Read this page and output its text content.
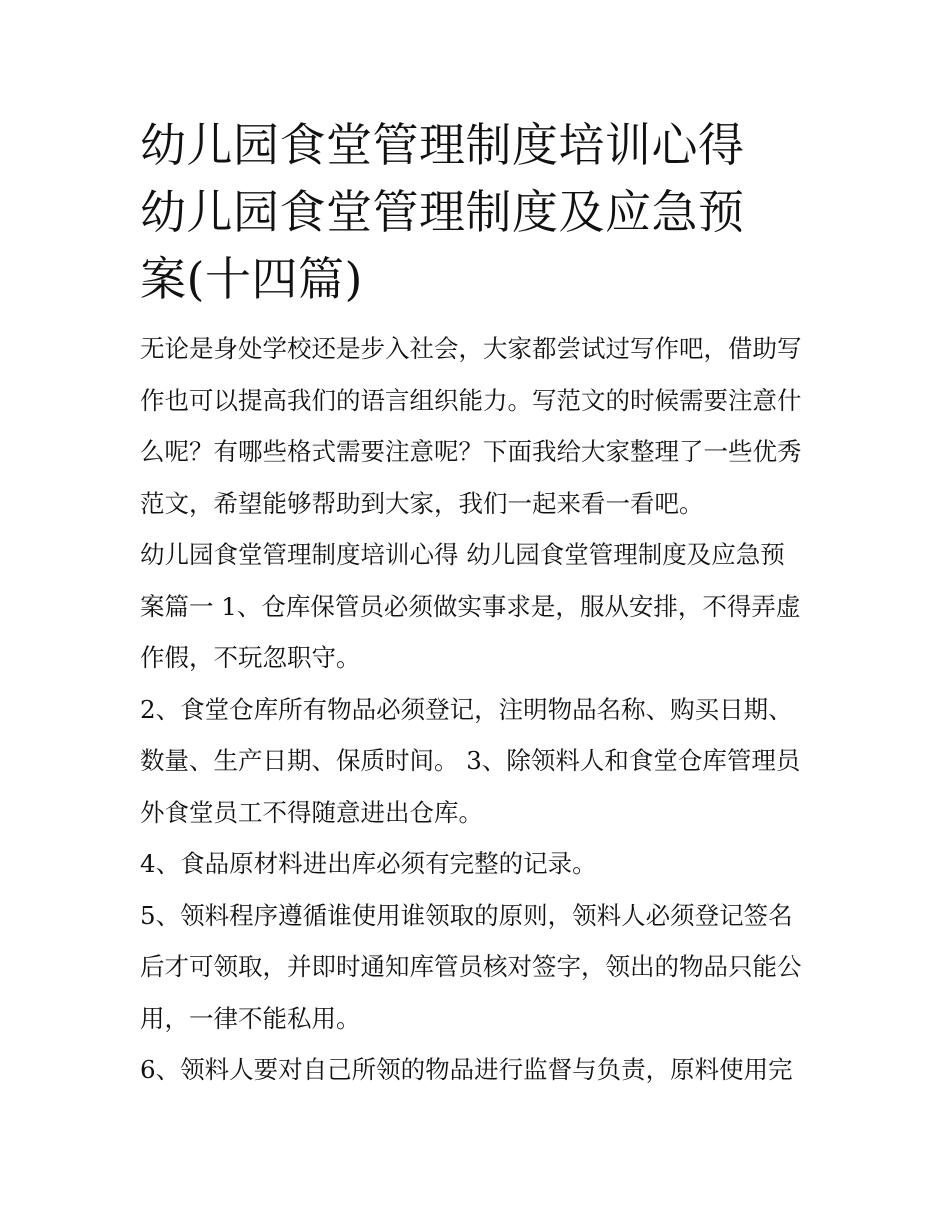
幼儿园食堂管理制度培训心得
幼儿园食堂管理制度及应急预
案(十四篇)
无论是身处学校还是步入社会，大家都尝试过写作吧，借助写
作也可以提高我们的语言组织能力。写范文的时候需要注意什
么呢？有哪些格式需要注意呢？下面我给大家整理了一些优秀
范文，希望能够帮助到大家，我们一起来看一看吧。
幼儿园食堂管理制度培训心得 幼儿园食堂管理制度及应急预
案篇一 1、仓库保管员必须做实事求是，服从安排，不得弄虚
作假，不玩忽职守。
2、食堂仓库所有物品必须登记，注明物品名称、购买日期、
数量、生产日期、保质时间。 3、除领料人和食堂仓库管理员
外食堂员工不得随意进出仓库。
4、食品原材料进出库必须有完整的记录。
5、领料程序遵循谁使用谁领取的原则，领料人必须登记签名
后才可领取，并即时通知库管员核对签字，领出的物品只能公
用，一律不能私用。
6、领料人要对自己所领的物品进行监督与负责，原料使用完
